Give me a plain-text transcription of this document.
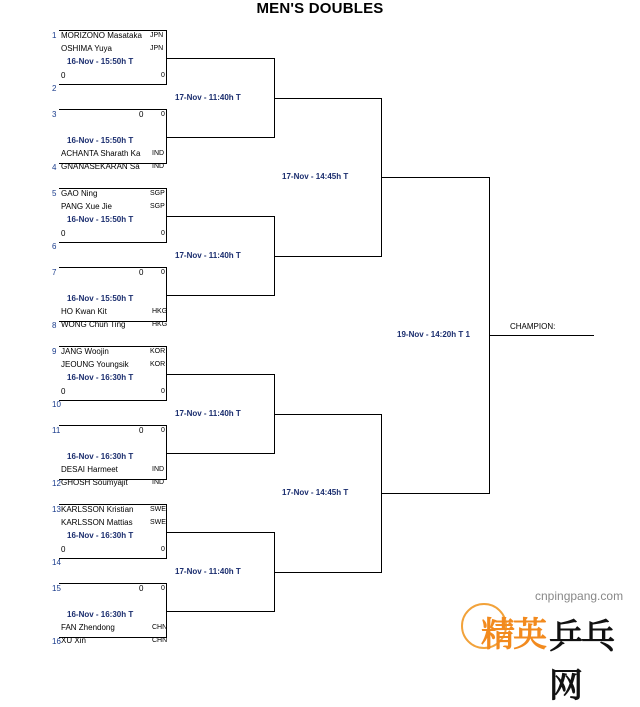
MEN'S DOUBLES
1 MORIZONO Masataka	JPN
OSHIMA Yuya	JPN
16-Nov - 15:50h T
0	0
2
3	0	0
16-Nov - 15:50h T
ACHANTA Sharath Ka	IND
GNANASEKARAN Sa	IND
4
5 GAO Ning	SGP
PANG Xue Jie	SGP
16-Nov - 15:50h T
0	0
6
7	0	0
16-Nov - 15:50h T
HO Kwan Kit	HKG
WONG Chun Ting	HKG
8
9 JANG Woojin	KOR
JEOUNG Youngsik	KOR
16-Nov - 16:30h T
0	0
10
11	0	0
16-Nov - 16:30h T
DESAI Harmeet	IND
GHOSH Soumyajit	IND
12
13 KARLSSON Kristian	SWE
KARLSSON Mattias	SWE
16-Nov - 16:30h T
0	0
14
15	0	0
16-Nov - 16:30h T
FAN Zhendong	CHN
XU Xin	CHN
16
17-Nov - 11:40h T
17-Nov - 11:40h T
17-Nov - 11:40h T
17-Nov - 11:40h T
17-Nov - 14:45h T
17-Nov - 14:45h T
19-Nov - 14:20h T 1
CHAMPION:
cnpingpang.com
精英 乒乓网
